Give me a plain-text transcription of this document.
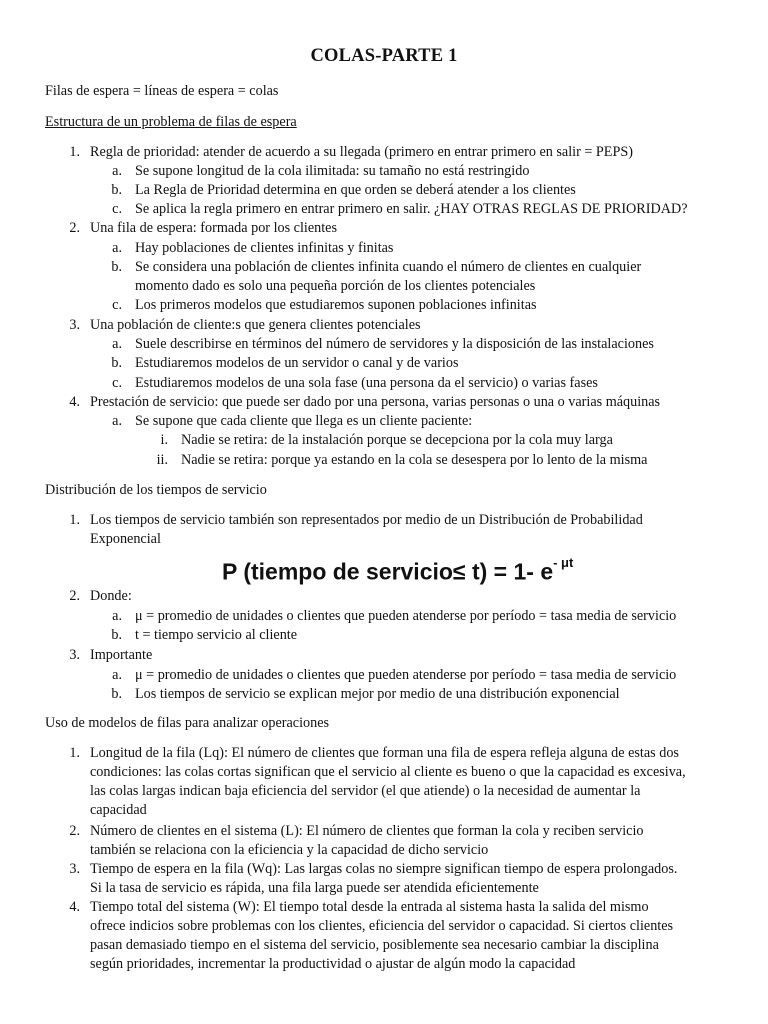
COLAS-PARTE 1
Filas de espera = líneas de espera = colas
Estructura de un problema de filas de espera
1. Regla de prioridad: atender de acuerdo a su llegada (primero en entrar primero en salir = PEPS)
a. Se supone longitud de la cola ilimitada: su tamaño no está restringido
b. La Regla de Prioridad determina en que orden se deberá atender a los clientes
c. Se aplica la regla primero en entrar primero en salir. ¿HAY OTRAS REGLAS DE PRIORIDAD?
2. Una fila de espera: formada por los clientes
a. Hay poblaciones de clientes infinitas y finitas
b. Se considera una población de clientes infinita cuando el número de clientes en cualquier
momento dado es solo una pequeña porción de los clientes potenciales
c. Los primeros modelos que estudiaremos suponen poblaciones infinitas
3. Una población de cliente:s que genera clientes potenciales
a. Suele describirse en términos del número de servidores y la disposición de las instalaciones
b. Estudiaremos modelos de un servidor o canal y de varios
c. Estudiaremos modelos de una sola fase (una persona da el servicio) o varias fases
4. Prestación de servicio: que puede ser dado por una persona, varias personas o una o varias máquinas
a. Se supone que cada cliente que llega es un cliente paciente:
i. Nadie se retira: de la instalación porque se decepciona por la cola muy larga
ii. Nadie se retira: porque ya estando en la cola se desespera por lo lento de la misma
Distribución de los tiempos de servicio
1. Los tiempos de servicio también son representados por medio de un Distribución de Probabilidad
Exponencial
P (tiempo de servicio≤ t) = 1- $e^{- \mu t}$
2. Donde:
a. μ = promedio de unidades o clientes que pueden atenderse por período = tasa media de servicio
b. t = tiempo servicio al cliente
3. Importante
a. μ = promedio de unidades o clientes que pueden atenderse por período = tasa media de servicio
b. Los tiempos de servicio se explican mejor por medio de una distribución exponencial
Uso de modelos de filas para analizar operaciones
1. Longitud de la fila (Lq): El número de clientes que forman una fila de espera refleja alguna de estas dos
condiciones: las colas cortas significan que el servicio al cliente es bueno o que la capacidad es excesiva,
las colas largas indican baja eficiencia del servidor (el que atiende) o la necesidad de aumentar la
capacidad
2. Número de clientes en el sistema (L): El número de clientes que forman la cola y reciben servicio
también se relaciona con la eficiencia y la capacidad de dicho servicio
3. Tiempo de espera en la fila (Wq): Las largas colas no siempre significan tiempo de espera prolongados.
Si la tasa de servicio es rápida, una fila larga puede ser atendida eficientemente
4. Tiempo total del sistema (W): El tiempo total desde la entrada al sistema hasta la salida del mismo
ofrece indicios sobre problemas con los clientes, eficiencia del servidor o capacidad. Si ciertos clientes
pasan demasiado tiempo en el sistema del servicio, posiblemente sea necesario cambiar la disciplina
según prioridades, incrementar la productividad o ajustar de algún modo la capacidad
